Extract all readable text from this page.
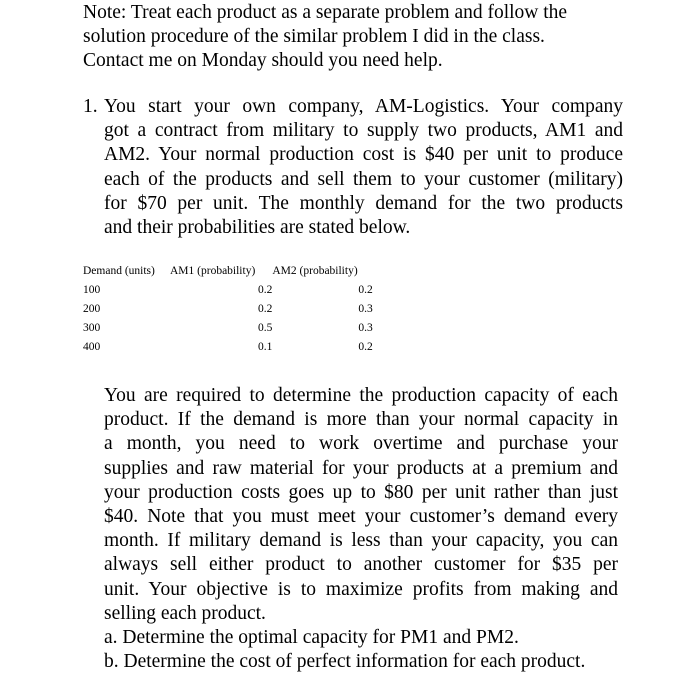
Note: Treat each product as a separate problem and follow the
solution procedure of the similar problem I did in the class.
Contact me on Monday should you need help.
1. You start your own company, AM-Logistics. Your company
got a contract from military to supply two products, AM1 and
AM2. Your normal production cost is $40 per unit to produce
each of the products and sell them to your customer (military)
for $70 per unit. The monthly demand for the two products
and their probabilities are stated below.
Demand (units)	AM1 (probability)	AM2 (probability)
100	0.2	0.2
200	0.2	0.3
300	0.5	0.3
400	0.1	0.2
You are required to determine the production capacity of each
product. If the demand is more than your normal capacity in
a month, you need to work overtime and purchase your
supplies and raw material for your products at a premium and
your production costs goes up to $80 per unit rather than just
$40. Note that you must meet your customer’s demand every
month. If military demand is less than your capacity, you can
always sell either product to another customer for $35 per
unit. Your objective is to maximize profits from making and
selling each product.
a. Determine the optimal capacity for PM1 and PM2.
b. Determine the cost of perfect information for each product.
